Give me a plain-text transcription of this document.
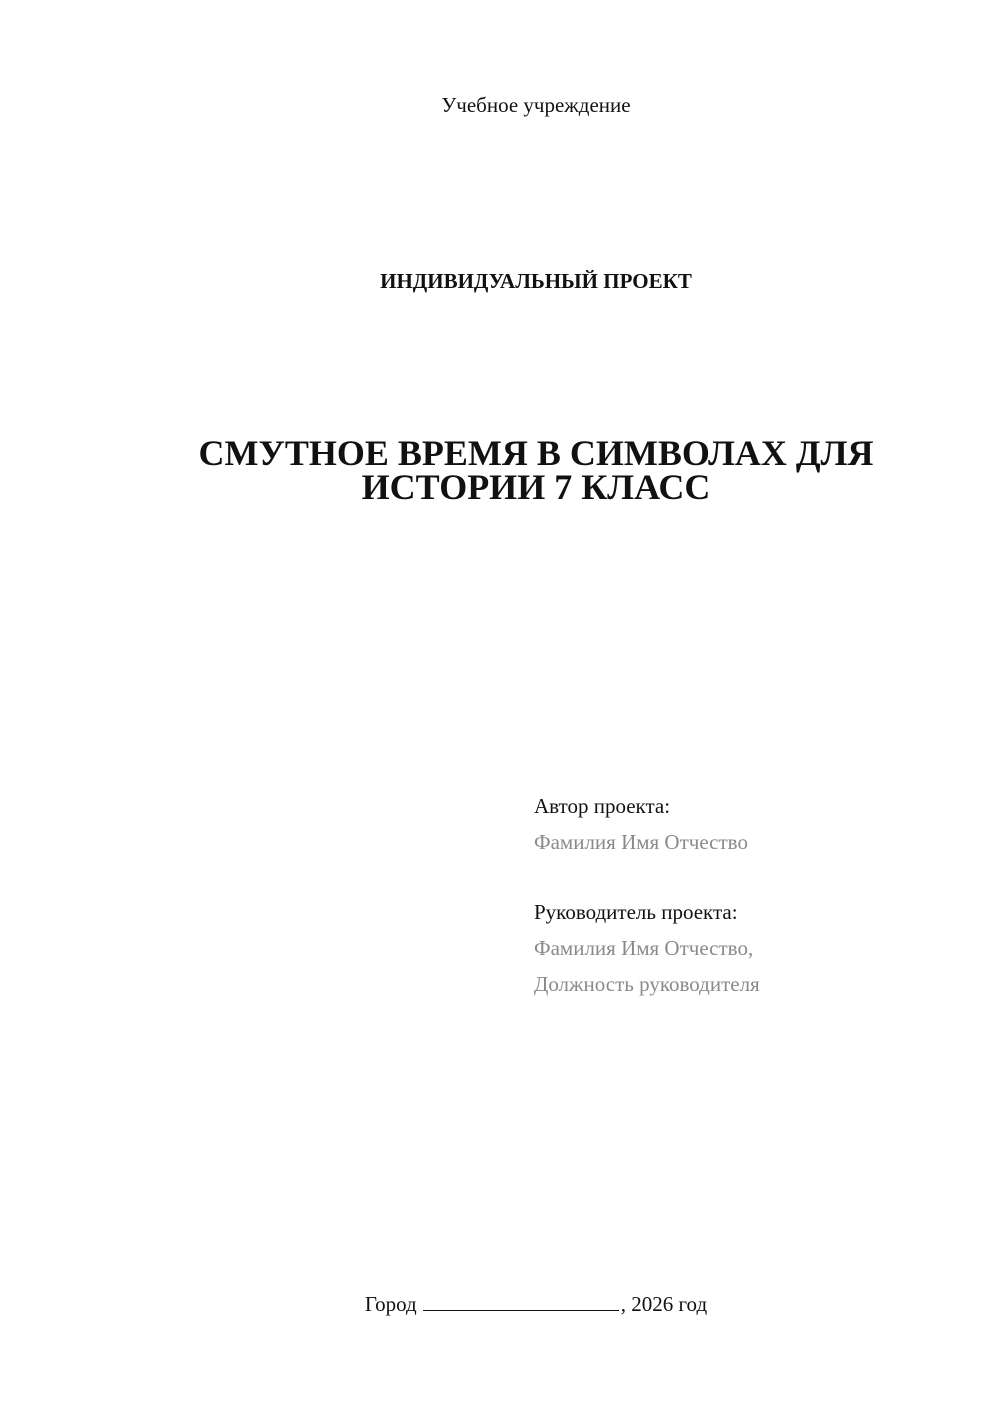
Учебное учреждение
ИНДИВИДУАЛЬНЫЙ ПРОЕКТ
СМУТНОЕ ВРЕМЯ В СИМВОЛАХ ДЛЯ
ИСТОРИИ 7 КЛАСС
Автор проекта:
Фамилия Имя Отчество
Руководитель проекта:
Фамилия Имя Отчество,
Должность руководителя
Город	, 2026 год
